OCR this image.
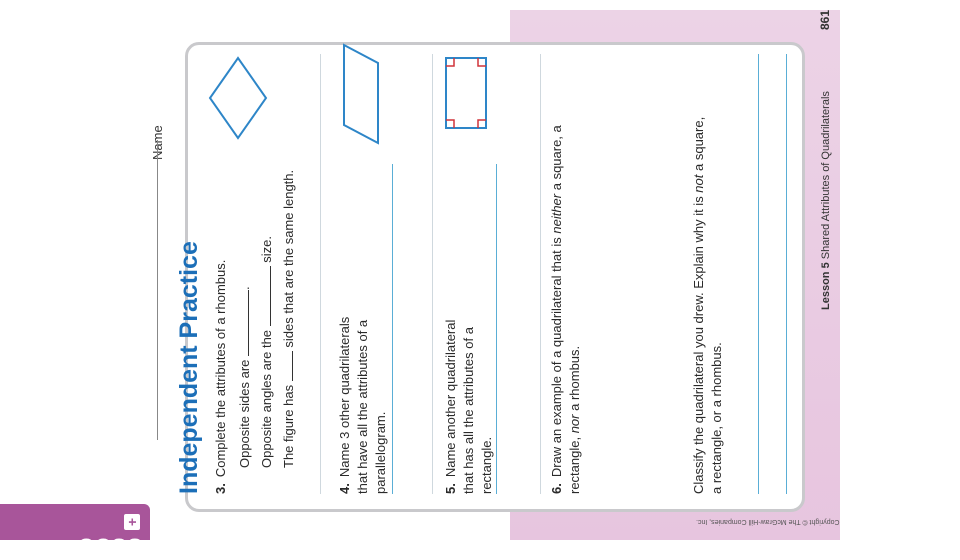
+
CCSS
Name
Independent Practice 3.Complete the attributes of a rhombus. Opposite sides are .
Opposite angles are the  size.
The figure has  sides that are the same length.
4.Name 3 other quadrilaterals that have all the attributes of a parallelogram.	5.Name another quadrilateral that has all the attributes of a rectangle.	6.Draw an example of a quadrilateral that is neither a square, a rectangle, nor a rhombus.	Classify the quadrilateral you drew. Explain why it is not a square, a rectangle, or a rhombus.
Lesson 5 Shared Attributes of Quadrilaterals
861
Copyright © The McGraw-Hill Companies, Inc.
